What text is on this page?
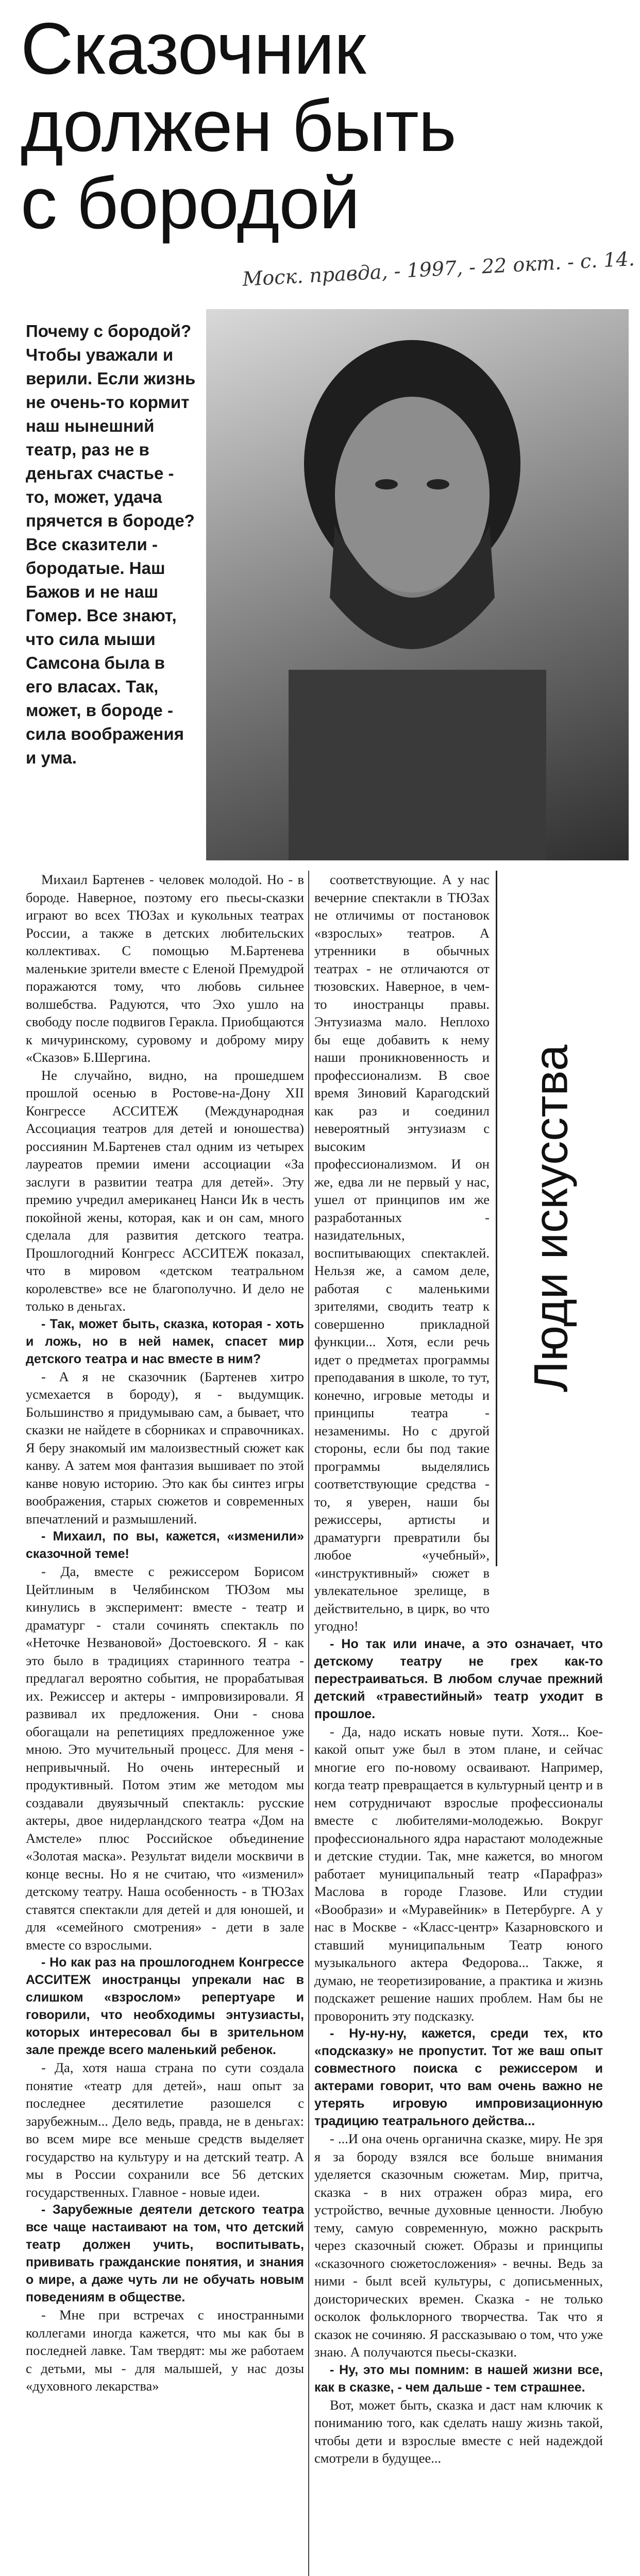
Сказочник
должен быть
с бородой
Моск. правда, - 1997, - 22 окт. - с. 14.
Почему с бородой? Чтобы уважали и верили. Если жизнь не очень-то кормит наш нынешний театр, раз не в деньгах счастье - то, может, удача прячется в бороде? Все сказители - бородатые. Наш Бажов и не наш Гомер. Все знают, что сила мыши Самсона была в его власах. Так, может, в бороде - сила воображения и ума.

Михаил Бартенев - человек молодой. Но - в бороде. Наверное, поэтому его пьесы-сказки играют во всех ТЮЗах и кукольных театрах России, а также в детских любительских коллективах. С помощью М.Бартенева маленькие зрители вместе с Еленой Премудрой поражаются тому, что любовь сильнее волшебства. Радуются, что Эхо ушло на свободу после подвигов Геракла. Приобщаются к мичуринскому, суровому и доброму миру «Сказов» Б.Шергина.

Не случайно, видно, на прошедшем прошлой осенью в Ростове-на-Дону XII Конгрессе АССИТЕЖ (Международная Ассоциация театров для детей и юношества) россиянин М.Бартенев стал одним из четырех лауреатов премии имени ассоциации «За заслуги в развитии театра для детей». Эту премию учредил американец Нанси Ик в честь покойной жены, которая, как и он сам, много сделала для развития детского театра. Прошлогодний Конгресс АССИТЕЖ показал, что в мировом «детском театральном королевстве» все не благополучно. И дело не только в деньгах.

- Так, может быть, сказка, которая - хоть и ложь, но в ней намек, спасет мир детского театра и нас вместе в ним?

- А я не сказочник (Бартенев хитро усмехается в бороду), я - выдумщик. Большинство я придумываю сам, а бывает, что сказки не найдете в сборниках и справочниках. Я беру знакомый им малоизвестный сюжет как канву. А затем моя фантазия вышивает по этой канве новую историю. Это как бы синтез игры воображения, старых сюжетов и современных впечатлений и размышлений.

- Михаил, по вы, кажется, «изменили» сказочной теме!

- Да, вместе с режиссером Борисом Цейтлиным в Челябинском ТЮЗом мы кинулись в эксперимент: вместе - театр и драматург - стали сочинять спектакль по «Неточке Незвановой» Достоевского. Я - как это было в традициях старинного театра - предлагал вероятно события, не прорабатывая их. Режиссер и актеры - импровизировали. Я развивал их предложения. Они - снова обогащали на репетициях предложенное уже мною. Это мучительный процесс. Для меня - непривычный. Но очень интересный и продуктивный. Потом этим же методом мы создавали двуязычный спектакль: русские актеры, двое нидерландского театра «Дом на Амстеле» плюс Российское объединение «Золотая маска». Результат видели москвичи в конце весны. Но я не считаю, что «изменил» детскому театру. Наша особенность - в ТЮЗах ставятся спектакли для детей и для юношей, и для «семейного смотрения» - дети в зале вместе со взрослыми.

- Но как раз на прошлогоднем Конгрессе АССИТЕЖ иностранцы упрекали нас в слишком «взрослом» репертуаре и говорили, что необходимы энтузиасты, которых интересовал бы в зрительном зале прежде всего маленький ребенок.

- Да, хотя наша страна по сути создала понятие «театр для детей», наш опыт за последнее десятилетие разошелся с зарубежным... Дело ведь, правда, не в деньгах: во всем мире все меньше средств выделяет государство на культуру и на детский театр. А мы в России сохранили все 56 детских государственных. Главное - новые идеи.

- Зарубежные деятели детского театра все чаще настаивают на том, что детский театр должен учить, воспитывать, прививать гражданские понятия, и знания о мире, а даже чуть ли не обучать новым поведениям в обществе.

- Мне при встречах с иностранными коллегами иногда кажется, что мы как бы в последней лавке. Там твердят: мы же работаем с детьми, мы - для малышей, у нас дозы «духовного лекарства»

Люди искусства

соответствующие. А у нас вечерние спектакли в ТЮЗах не отличимы от постановок «взрослых» театров. А утренники в обычных театрах - не отличаются от тюзовских. Наверное, в чем-то иностранцы правы. Энтузиазма мало. Неплохо бы еще добавить к нему наши проникновенность и профессионализм. В свое время Зиновий Карагодский как раз и соединил невероятный энтузиазм с высоким профессионализмом. И он же, едва ли не первый у нас, ушел от принципов им же разработанных - назидательных, воспитывающих спектаклей. Нельзя же, а самом деле, работая с маленькими зрителями, сводить театр к совершенно прикладной функции... Хотя, если речь идет о предметах программы преподавания в школе, то тут, конечно, игровые методы и принципы театра - незаменимы. Но с другой стороны, если бы под такие программы выделялись соответствующие средства - то, я уверен, наши бы режиссеры, артисты и драматурги превратили бы любое «учебный», «инструктивный» сюжет в увлекательное зрелище, в действительно, в цирк, во что угодно!

- Но так или иначе, а это означает, что детскому театру не грех как-то перестраиваться. В любом случае прежний детский «травестийный» театр уходит в прошлое.

- Да, надо искать новые пути. Хотя... Кое-какой опыт уже был в этом плане, и сейчас многие его по-новому осваивают. Например, когда театр превращается в культурный центр и в нем сотрудничают взрослые профессионалы вместе с любителями-молодежью. Вокруг профессионального ядра нарастают молодежные и детские студии. Так, мне кажется, во многом работает муниципальный театр «Парафраз» Маслова в городе Глазове. Или студии «Вообрази» и «Муравейник» в Петербурге. А у нас в Москве - «Класс-центр» Казарновского и ставший муниципальным Театр юного музыкального актера Федорова... Также, я думаю, не теоретизирование, а практика и жизнь подскажет решение наших проблем. Нам бы не проворонить эту подсказку.

- Ну-ну-ну, кажется, среди тех, кто «подсказку» не пропустит. Тот же ваш опыт совместного поиска с режиссером и актерами говорит, что вам очень важно не утерять игровую импровизационную традицию театрального действа...

- ...И она очень органична сказке, миру. Не зря я за бороду взялся все больше внимания уделяется сказочным сюжетам. Мир, притча, сказка - в них отражен образ мира, его устройство, вечные духовные ценности. Любую тему, самую современную, можно раскрыть через сказочный сюжет. Образы и принципы «сказочного сюжетосложения» - вечны. Ведь за ними - былt всей культуры, с дописьменных, доисторических времен. Сказка - не только осколок фольклорного творчества. Так что я сказок не сочиняю. Я рассказываю о том, что уже знаю. А получаются пьесы-сказки.

- Ну, это мы помним: в нашей жизни все, как в сказке, - чем дальше - тем страшнее.

Вот, может быть, сказка и даст нам ключик к пониманию того, как сделать нашу жизнь такой, чтобы дети и взрослые вместе с ней надеждой смотрели в будущее...
